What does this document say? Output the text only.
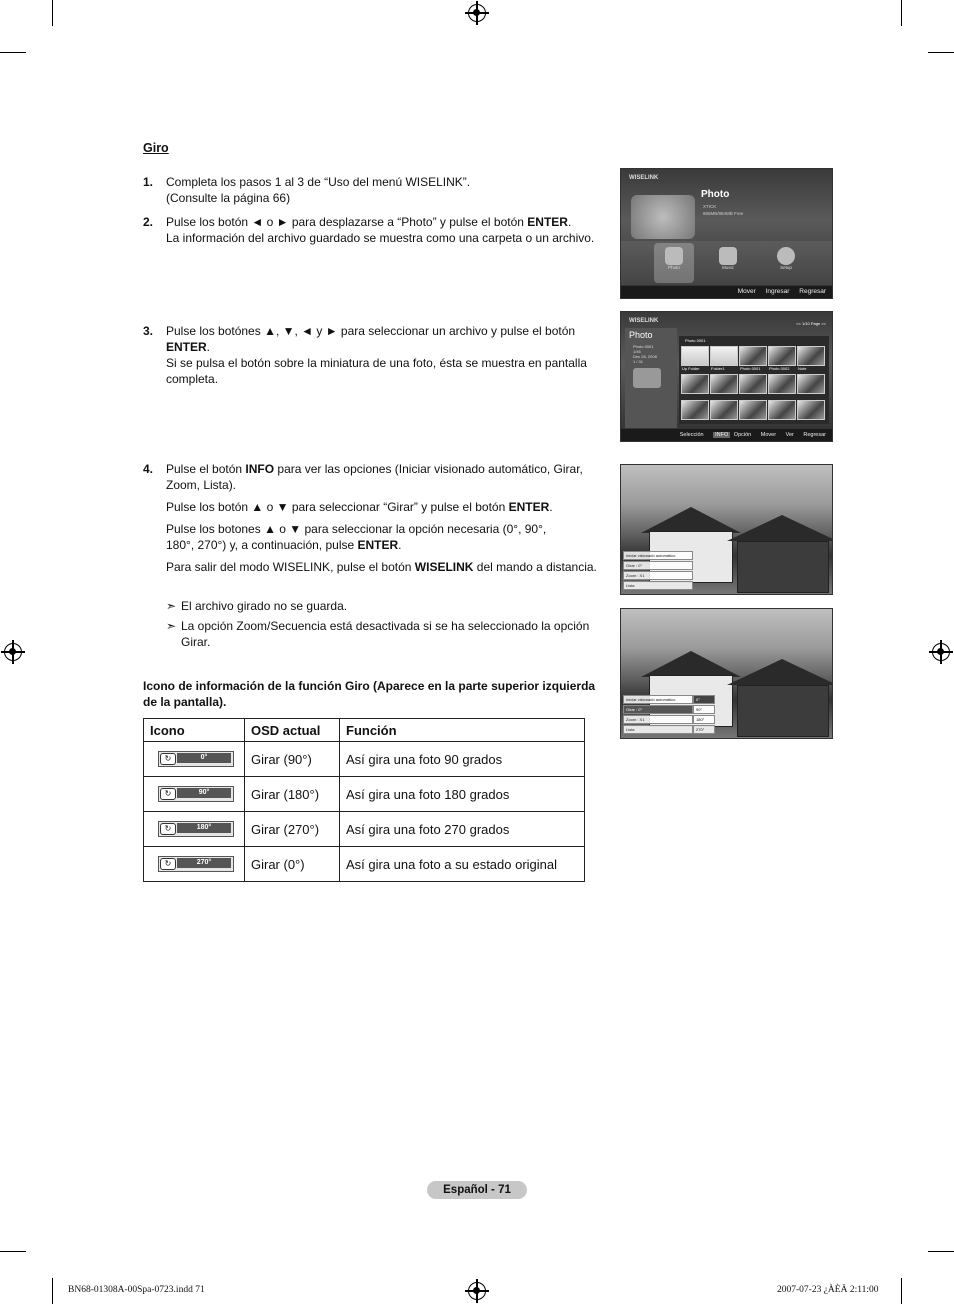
Giro
1. Completa los pasos 1 al 3 de “Uso del menú WISELINK”.
(Consulte la página 66)
2. Pulse los botón ◄ o ► para desplazarse a “Photo” y pulse el botón ENTER.
La información del archivo guardado se muestra como una carpeta o un archivo.
3. Pulse los botónes ▲, ▼, ◄ y ► para seleccionar un archivo y pulse el botón ENTER.
Si se pulsa el botón sobre la miniatura de una foto, ésta se muestra en pantalla completa.
4. Pulse el botón INFO para ver las opciones (Iniciar visionado automático, Girar, Zoom, Lista).

Pulse los botón ▲ o ▼ para seleccionar “Girar” y pulse el botón ENTER.

Pulse los botones ▲ o ▼ para seleccionar la opción necesaria (0°, 90°, 180°, 270°) y, a continuación, pulse ENTER.

Para salir del modo WISELINK, pulse el botón WISELINK del mando a distancia.

➣ El archivo girado no se guarda.
➣ La opción Zoom/Secuencia está desactivada si se ha seleccionado la opción Girar.
Icono de información de la función Giro (Aparece en la parte superior izquierda de la pantalla).
Icono	OSD actual	Función

↻ 0°	Girar (90°)	Así gira una foto 90 grados

↻ 90°	Girar (180°)	Así gira una foto 180 grados

↻ 180°	Girar (270°)	Así gira una foto 270 grados

↻ 270°	Girar (0°)	Así gira una foto a su estado original
WISELINK
Photo
XTICK
865MB/984MB Free
Photo	Music	Setup
Mover Ingresar Regresar
WISELINK	<< 1/10 Page >>
Photo
Photo 0001
1/45
Dec 26, 2008
1 / 31
Photo 0001
Up Folder	Folder1	Photo 0001 Photo 0002 Note
Selección INFO Opción Mover Ver Regresar
Iniciar visionado automático
Girar : 0°
Zoom : X1
Lista
Iniciar visionado automático
Girar : 0°
Zoom : X1
Lista
0°
90°
180°
270°
Español - 71
BN68-01308A-00Spa-0723.indd 71	2007-07-23 ¿ÀÈÄ 2:11:00
